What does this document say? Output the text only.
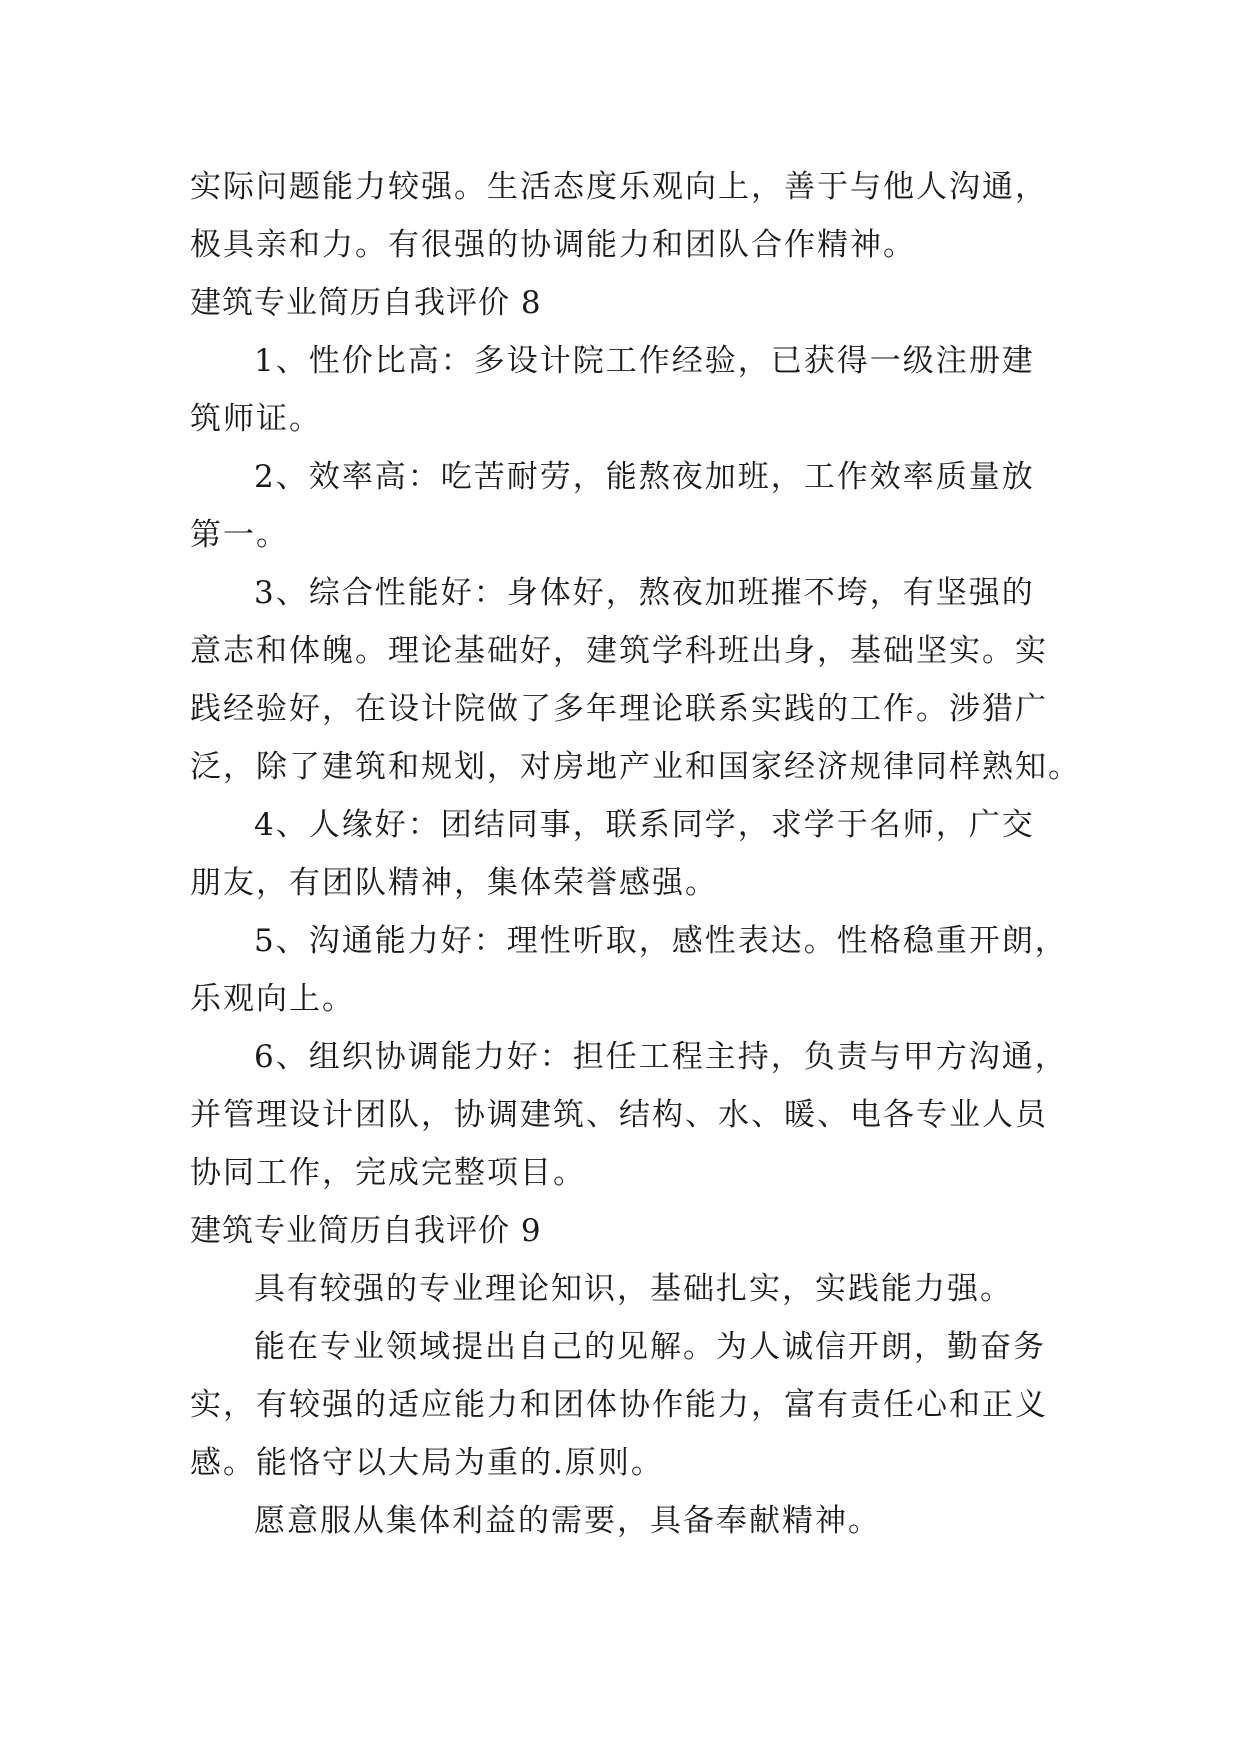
实际问题能力较强。生活态度乐观向上，善于与他人沟通，
极具亲和力。有很强的协调能力和团队合作精神。
建筑专业简历自我评价 8
1、性价比高：多设计院工作经验，已获得一级注册建
筑师证。
2、效率高：吃苦耐劳，能熬夜加班，工作效率质量放
第一。
3、综合性能好：身体好，熬夜加班摧不垮，有坚强的
意志和体魄。理论基础好，建筑学科班出身，基础坚实。实
践经验好，在设计院做了多年理论联系实践的工作。涉猎广
泛，除了建筑和规划，对房地产业和国家经济规律同样熟知。
4、人缘好：团结同事，联系同学，求学于名师，广交
朋友，有团队精神，集体荣誉感强。
5、沟通能力好：理性听取，感性表达。性格稳重开朗，
乐观向上。
6、组织协调能力好：担任工程主持，负责与甲方沟通，
并管理设计团队，协调建筑、结构、水、暖、电各专业人员
协同工作，完成完整项目。
建筑专业简历自我评价 9
具有较强的专业理论知识，基础扎实，实践能力强。
能在专业领域提出自己的见解。为人诚信开朗，勤奋务
实，有较强的适应能力和团体协作能力，富有责任心和正义
感。能恪守以大局为重的.原则。
愿意服从集体利益的需要，具备奉献精神。
